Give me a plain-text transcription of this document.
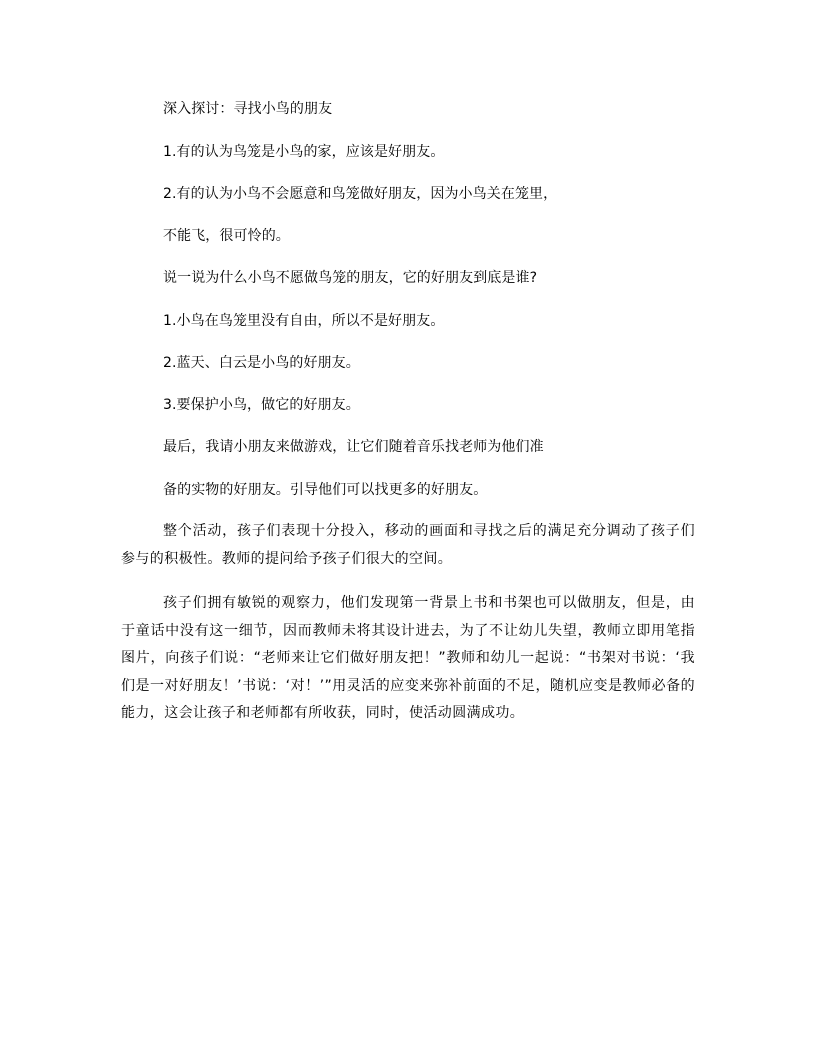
深入探讨：寻找小鸟的朋友
1.有的认为鸟笼是小鸟的家，应该是好朋友。
2.有的认为小鸟不会愿意和鸟笼做好朋友，因为小鸟关在笼里，
不能飞，很可怜的。
说一说为什么小鸟不愿做鸟笼的朋友，它的好朋友到底是谁?
1.小鸟在鸟笼里没有自由，所以不是好朋友。
2.蓝天、白云是小鸟的好朋友。
3.要保护小鸟，做它的好朋友。
最后，我请小朋友来做游戏，让它们随着音乐找老师为他们准
备的实物的好朋友。引导他们可以找更多的好朋友。
整个活动，孩子们表现十分投入，移动的画面和寻找之后的满足充分调动了孩子们参与的积极性。教师的提问给予孩子们很大的空间。
孩子们拥有敏锐的观察力，他们发现第一背景上书和书架也可以做朋友，但是，由于童话中没有这一细节，因而教师未将其设计进去，为了不让幼儿失望，教师立即用笔指图片，向孩子们说：“老师来让它们做好朋友把！”教师和幼儿一起说：“书架对书说：‘我们是一对好朋友！’书说：‘对！’”用灵活的应变来弥补前面的不足，随机应变是教师必备的能力，这会让孩子和老师都有所收获，同时，使活动圆满成功。
